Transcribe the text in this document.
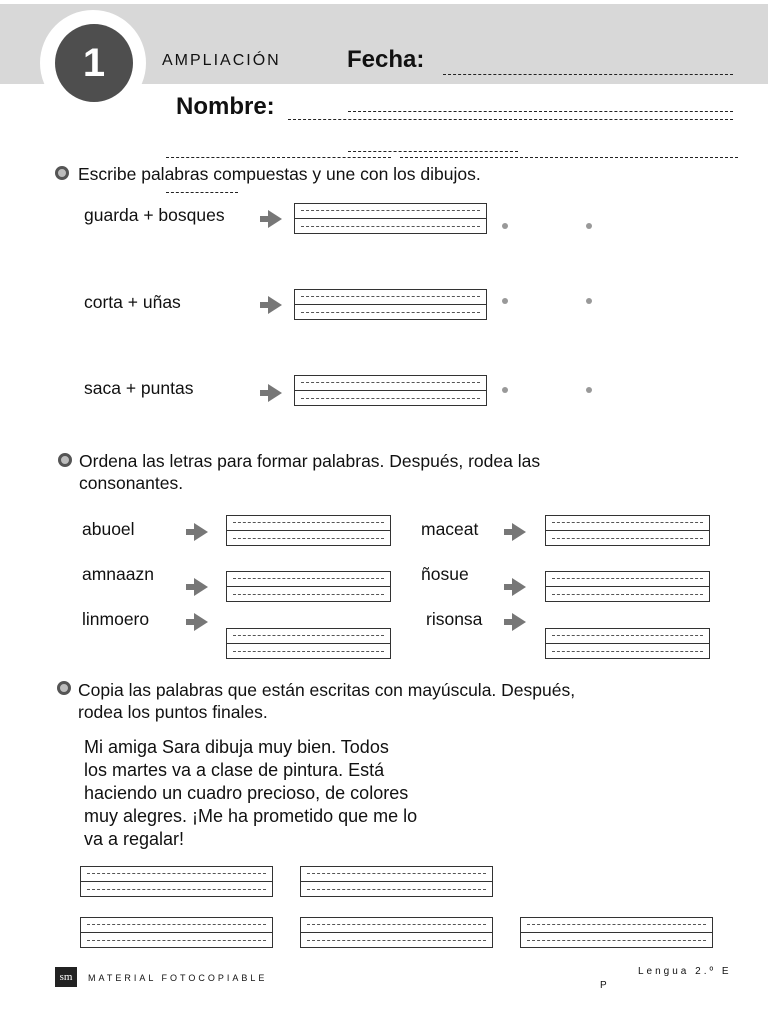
1	AMPLIACIÓN	Fecha:
Nombre:
Escribe palabras compuestas y une con los dibujos.
guarda + bosques
corta + uñas
saca + puntas
Ordena las letras para formar palabras. Después, rodea las
consonantes.
abuoel
amnaazn
linmoero
maceat
ñosue
risonsa
Copia las palabras que están escritas con mayúscula. Después,
rodea los puntos finales.
Mi amiga Sara dibuja muy bien. Todos
los martes va a clase de pintura. Está
haciendo un cuadro precioso, de colores
muy alegres. ¡Me ha prometido que me lo
va a regalar!
sm	MATERIAL FOTOCOPIABLE
Lengua 2.º E
P
